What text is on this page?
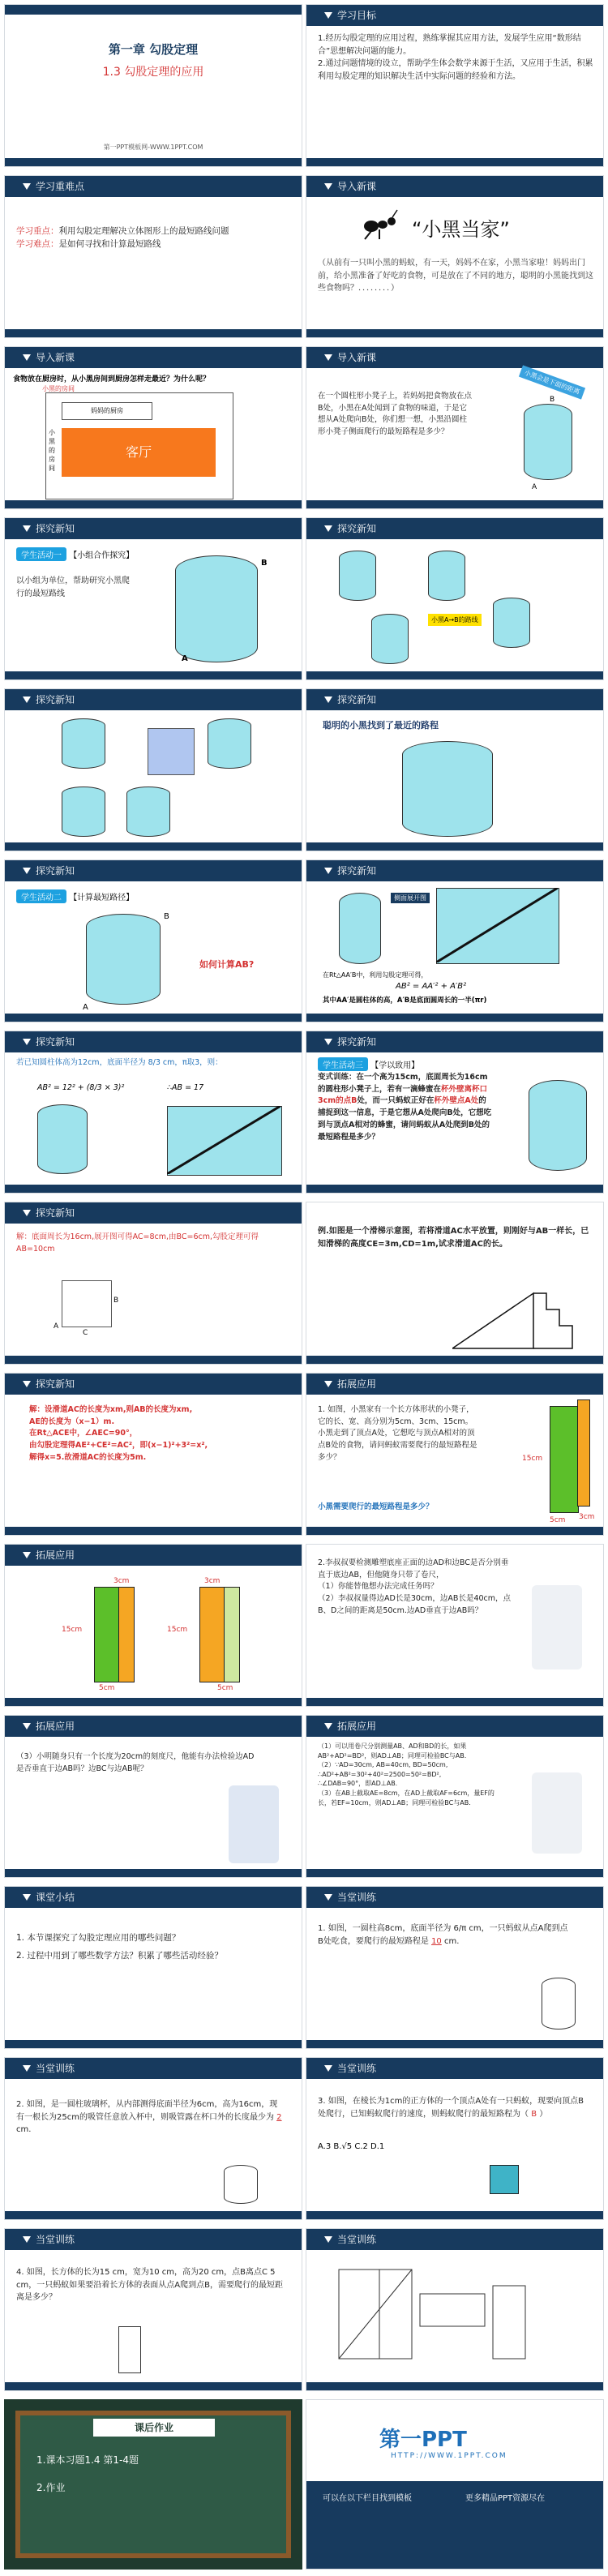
第一章 勾股定理
1.3 勾股定理的应用
第一PPT模板网-WWW.1PPT.COM
学习目标
1.经历勾股定理的应用过程，熟练掌握其应用方法，发展学生应用“数形结合”思想解决问题的能力。
2.通过问题情境的设立，帮助学生体会数学来源于生活，又应用于生活，积累利用勾股定理的知识解决生活中实际问题的经验和方法。
学习重难点
学习重点：利用勾股定理解决立体图形上的最短路线问题
学习难点：是如何寻找和计算最短路线
导入新课
“小黑当家”
（从前有一只叫小黑的蚂蚁，有一天，妈妈不在家，小黑当家啦！妈妈出门前，给小黑准备了好吃的食物，可是放在了不同的地方，聪明的小黑能找到这些食物吗？．．．．．．．．）
导入新课
食物放在厨房时，从小黑房间到厨房怎样走最近？为什么呢？
小黑的房间
妈妈的厨房
小黑的房间
客厅
导入新课
在一个圆柱形小凳子上，若妈妈把食物放在点B处，小黑在A处闻到了食物的味道，于是它想从A处爬向B处，你们想一想，小黑沿圆柱形小凳子侧面爬行的最短路程是多少？
小黑会是下面的距离
B
A
探究新知
学生活动一 【小组合作探究】
以小组为单位，帮助研究小黑爬行的最短路线
B
A
探究新知
小黑A→B的路线
探究新知	探究新知
聪明的小黑找到了最近的路程
探究新知
学生活动二 【计算最短路径】
B
A
如何计算AB?
探究新知
侧面展开图
在Rt△AA′B中，利用勾股定理可得，
AB² = AA′² + A′B²
其中AA′是圆柱体的高，A′B是底面圆周长的一半(πr)
探究新知
若已知圆柱体高为12cm，底面半径为 8/3 cm，π取3，则：
AB² = 12² + (8/3 × 3)²	∴AB = 17
探究新知
学生活动三 【学以致用】
变式训练：在一个高为15cm，底面周长为16cm的圆柱形小凳子上，若有一滴蜂蜜在杯外壁离杯口3cm的点B处，而一只蚂蚁正好在杯外壁点A处的捕捉到这一信息，于是它想从A处爬向B处，它想吃到与顶点A相对的蜂蜜，请问蚂蚁从A处爬到B处的最短路程是多少？
探究新知
解：底面周长为16cm,展开图可得AC=8cm,由BC=6cm,勾股定理可得AB=10cm
A
C
B
例.如图是一个滑梯示意图，若将滑道AC水平放置，则刚好与AB一样长，已知滑梯的高度CE=3m,CD=1m,试求滑道AC的长。
探究新知
解：设滑道AC的长度为xm,则AB的长度为xm,
AE的长度为（x−1）m.
在Rt△ACE中，∠AEC=90°，
由勾股定理得AE²+CE²=AC²，即(x−1)²+3²=x²,
解得x=5.故滑道AC的长度为5m.
拓展应用
1. 如图，小黑家有一个长方体形状的小凳子，它的长、宽、高分别为5cm、3cm、15cm。小黑走到了顶点A处，它想吃与顶点A相对的顶点B处的食物，请问蚂蚁需要爬行的最短路程是多少？
小黑需要爬行的最短路程是多少？
15cm
3cm
5cm
拓展应用
15cm
5cm
3cm
15cm
5cm
3cm
2.李叔叔要检测雕塑底座正面的边AD和边BC是否分别垂直于底边AB，但他随身只带了卷尺，
（1）你能替他想办法完成任务吗？
（2）李叔叔量得边AD长是30cm，边AB长是40cm，点B、D之间的距离是50cm.边AD垂直于边AB吗？
拓展应用
（3）小明随身只有一个长度为20cm的刻度尺，他能有办法检验边AD是否垂直于边AB吗？边BC与边AB呢？
拓展应用
（1）可以用卷尺分别测量AB、AD和BD的长，如果AB²+AD²=BD²，则AD⊥AB；同理可检验BC与AB.
（2）∵AD=30cm, AB=40cm, BD=50cm,
∴AD²+AB²=30²+40²=2500=50²=BD²,
∴∠DAB=90°，即AD⊥AB.
（3）在AB上截取AE=8cm，在AD上截取AF=6cm，量EF的长，若EF=10cm，则AD⊥AB；同理可检验BC与AB.
课堂小结
1. 本节课探究了勾股定理应用的哪些问题？
2. 过程中用到了哪些数学方法？积累了哪些活动经验？
当堂训练
1. 如图，一圆柱高8cm，底面半径为 6/π cm，一只蚂蚁从点A爬到点B处吃食，要爬行的最短路程是 10 cm.
当堂训练
2. 如图，是一圆柱玻璃杯，从内部测得底面半径为6cm，高为16cm，现有一根长为25cm的吸管任意放入杯中，则吸管露在杯口外的长度最少为 2 cm.
当堂训练
3. 如图，在棱长为1cm的正方体的一个顶点A处有一只蚂蚁，现要向顶点B处爬行，已知蚂蚁爬行的速度，则蚂蚁爬行的最短路程为（ B ）
A.3 B.√5 C.2 D.1
当堂训练
4. 如图，长方体的长为15 cm，宽为10 cm，高为20 cm，点B离点C 5 cm，一只蚂蚁如果要沿着长方体的表面从点A爬到点B，需要爬行的最短距离是多少？
当堂训练
课后作业
1.课本习题1.4 第1-4题
2.作业
第一PPT
HTTP://WWW.1PPT.COM
可以在以下栏目找到模板	更多精品PPT资源尽在
